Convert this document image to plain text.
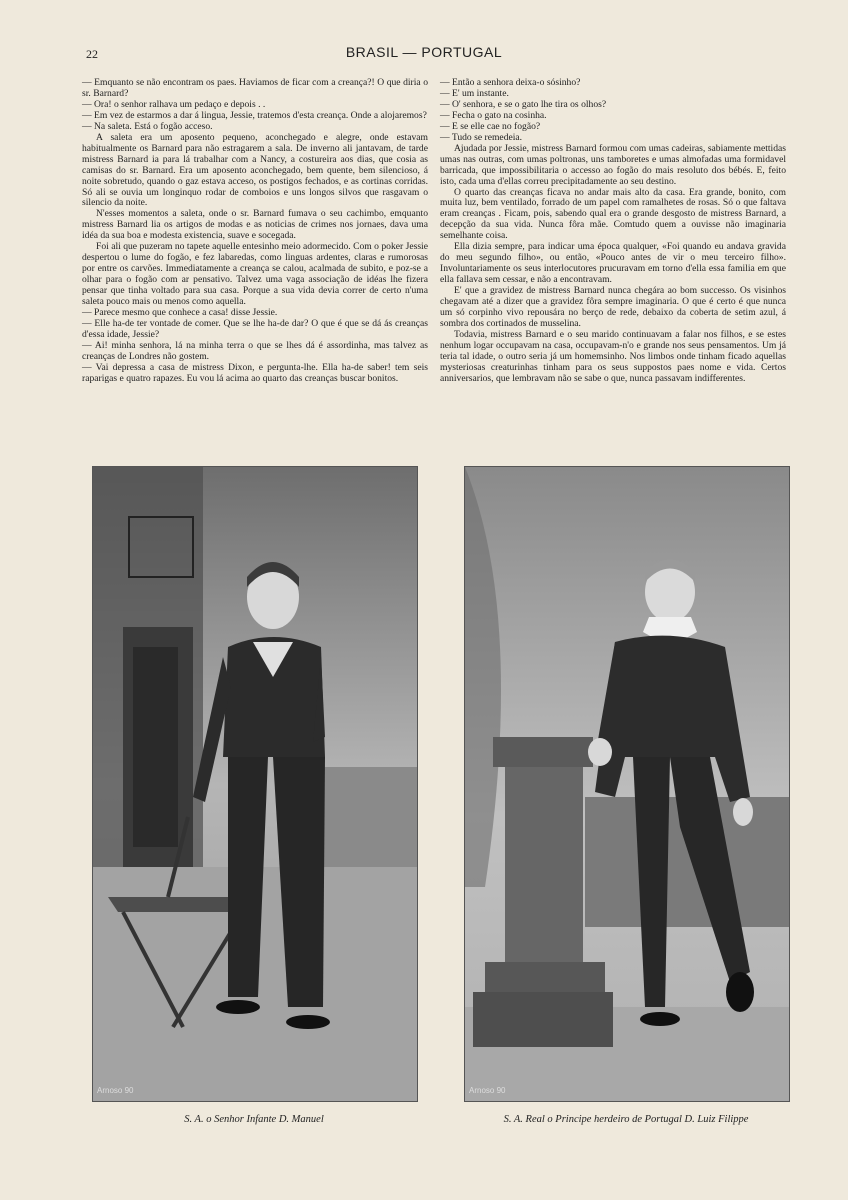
22	BRASIL — PORTUGAL

— Emquanto se não encontram os paes. Haviamos de ficar com a creança?! O que diria o sr. Barnard?

— Ora! o senhor ralhava um pedaço e depois . .

— Em vez de estarmos a dar á lingua, Jessie, tratemos d'esta creança. Onde a alojaremos?

— Na saleta. Está o fogão acceso.

A saleta era um aposento pequeno, aconchegado e alegre, onde estavam habitualmente os Barnard para não estragarem a sala. De inverno ali jantavam, de tarde mistress Barnard ia para lá trabalhar com a Nancy, a costureira aos dias, que cosia as camisas do sr. Barnard. Era um aposento aconchegado, bem quente, bem silencioso, á noite sobretudo, quando o gaz estava acceso, os postigos fechados, e as cortinas corridas. Só ali se ouvia um longinquo rodar de comboios e uns longos silvos que rasgavam o silencio da noite.

N'esses momentos a saleta, onde o sr. Barnard fumava o seu cachimbo, emquanto mistress Barnard lia os artigos de modas e as noticias de crimes nos jornaes, dava uma idéa da sua boa e modesta existencia, suave e socegada.

Foi ali que puzeram no tapete aquelle entesinho meio adormecido. Com o poker Jessie despertou o lume do fogão, e fez labaredas, como linguas ardentes, claras e rumorosas por entre os carvões. Immediatamente a creança se calou, acalmada de subito, e poz-se a olhar para o fogão com ar pensativo. Talvez uma vaga associação de idéas lhe fizera pensar que tinha voltado para sua casa. Porque a sua vida devia correr de certo n'uma saleta pouco mais ou menos como aquella.

— Parece mesmo que conhece a casa! disse Jessie.

— Elle ha-de ter vontade de comer. Que se lhe ha-de dar? O que é que se dá ás creanças d'essa idade, Jessie?

— Ai! minha senhora, lá na minha terra o que se lhes dá é assordinha, mas talvez as creanças de Londres não gostem.

— Vai depressa a casa de mistress Dixon, e pergunta-lhe. Ella ha-de saber! tem seis raparigas e quatro rapazes. Eu vou lá acima ao quarto das creanças buscar bonitos.

— Então a senhora deixa-o sósinho?

— E' um instante.

— O' senhora, e se o gato lhe tira os olhos?

— Fecha o gato na cosinha.

— E se elle cae no fogão?

— Tudo se remedeia.

Ajudada por Jessie, mistress Barnard formou com umas cadeiras, sabiamente mettidas umas nas outras, com umas poltronas, uns tamboretes e umas almofadas uma formidavel barricada, que impossibilitaria o accesso ao fogão do mais resoluto dos bébés. E, feito isto, cada uma d'ellas correu precipitadamente ao seu destino.

O quarto das creanças ficava no andar mais alto da casa. Era grande, bonito, com muita luz, bem ventilado, forrado de um papel com ramalhetes de rosas. Só o que faltava eram creanças . Ficam, pois, sabendo qual era o grande desgosto de mistress Barnard, a decepção da sua vida. Nunca fôra mãe. Comtudo quem a ouvisse não imaginaria semelhante coisa.

Ella dizia sempre, para indicar uma época qualquer, «Foi quando eu andava gravida do meu segundo filho», ou então, «Pouco antes de vir o meu terceiro filho». Involuntariamente os seus interlocutores prucuravam em torno d'ella essa familia em que ella fallava sem cessar, e não a encontravam.

E' que a gravidez de mistress Barnard nunca chegára ao bom successo. Os visinhos chegavam até a dizer que a gravidez fôra sempre imaginaria. O que é certo é que nunca um só corpinho vivo repousára no berço de rede, debaixo da coberta de setim azul, á sombra dos cortinados de musselina.

Todavia, mistress Barnard e o seu marido continuavam a falar nos filhos, e se estes nenhum logar occupavam na casa, occupavam-n'o e grande nos seus pensamentos. Um já teria tal idade, o outro seria já um homemsinho. Nos limbos onde tinham ficado aquellas mysteriosas creaturinhas tinham para os seus suppostos paes nome e vida. Certos anniversarios, que lembravam não se sabe o que, nunca passavam indifferentes.

Arnoso 90	Arnoso 90
S. A. o Senhor Infante D. Manuel	S. A. Real o Principe herdeiro de Portugal D. Luiz Filippe
